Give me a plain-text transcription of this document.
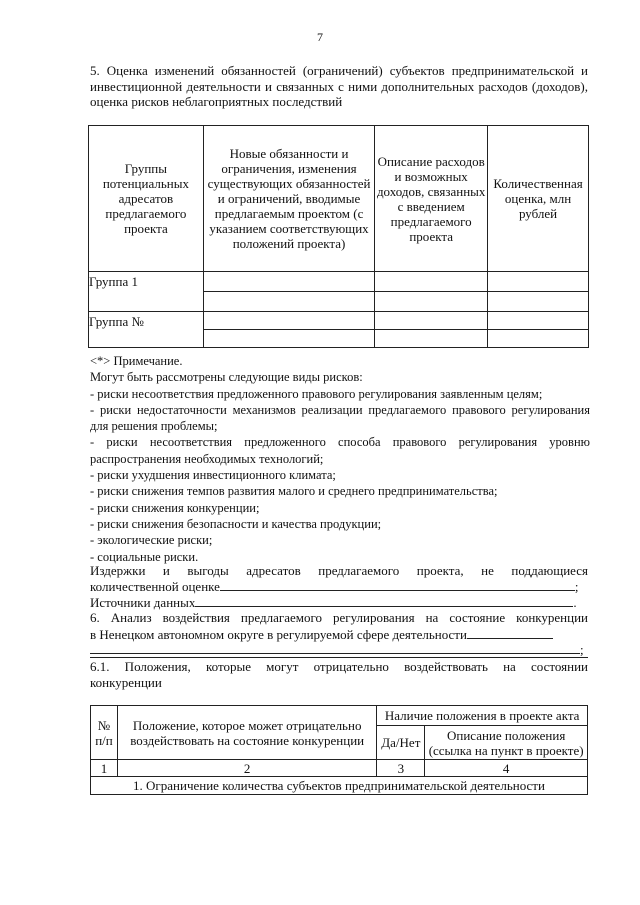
7
5. Оценка изменений обязанностей (ограничений) субъектов предпринимательской и инвестиционной деятельности и связанных с ними дополнительных расходов (доходов), оценка рисков неблагоприятных последствий
Группы потенциальных адресатов предлагаемого проекта	Новые обязанности и ограничения, изменения существующих обязанностей и ограничений, вводимые предлагаемым проектом (с указанием соответствующих положений проекта)	Описание расходов и возможных доходов, связанных с введением предлагаемого проекта	Количественная оценка, млн рублей
Группа 1			

Группа №			

<*> Примечание.
Могут быть рассмотрены следующие виды рисков:
- риски несоответствия предложенного правового регулирования заявленным целям;
- риски недостаточности механизмов реализации предлагаемого правового регулирования для решения проблемы;
- риски несоответствия предложенного способа правового регулирования уровню распространения необходимых технологий;
- риски ухудшения инвестиционного климата;
- риски снижения темпов развития малого и среднего предпринимательства;
- риски снижения конкуренции;
- риски снижения безопасности и качества продукции;
- экологические риски;
- социальные риски.
Издержки и выгоды адресатов предлагаемого проекта, не поддающиеся
количественной оценке	;
Источники данных	.
6. Анализ воздействия предлагаемого регулирования на состояние конкуренции
в Ненецком автономном округе в регулируемой сфере деятельности
;
6.1. Положения, которые могут отрицательно воздействовать на состоянии
конкуренции
№ п/п	Положение, которое может отрицательно воздействовать на состояние конкуренции	Наличие положения в проекте акта	
		Да/Нет	Описание положения (ссылка на пункт в проекте)
1	2	3	4
1. Ограничение количества субъектов предпринимательской деятельности			
